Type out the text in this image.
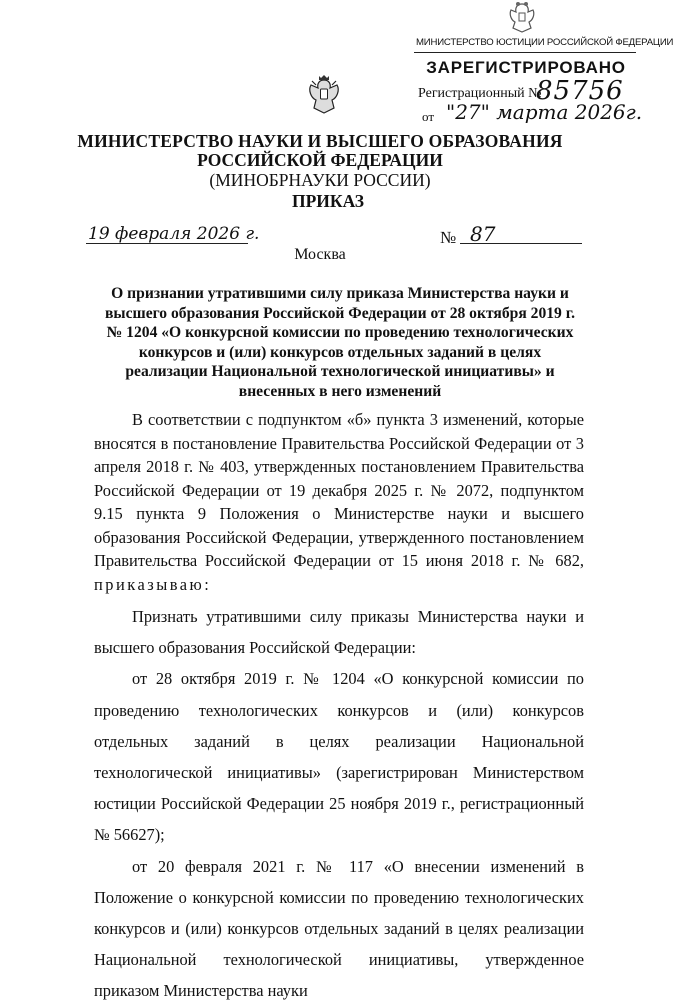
МИНИСТЕРСТВО ЮСТИЦИИ РОССИЙСКОЙ ФЕДЕРАЦИИ
ЗАРЕГИСТРИРОВАНО
Регистрационный №
85756
от "27" марта 2026г.
МИНИСТЕРСТВО НАУКИ И ВЫСШЕГО ОБРАЗОВАНИЯ
РОССИЙСКОЙ ФЕДЕРАЦИИ
(МИНОБРНАУКИ РОССИИ)
ПРИКАЗ
19 февраля 2026 г.	№ 87
Москва
О признании утратившими силу приказа Министерства науки и высшего образования Российской Федерации от 28 октября 2019 г. № 1204 «О конкурсной комиссии по проведению технологических конкурсов и (или) конкурсов отдельных заданий в целях реализации Национальной технологической инициативы» и внесенных в него изменений

В соответствии с подпунктом «б» пункта 3 изменений, которые вносятся в постановление Правительства Российской Федерации от 3 апреля 2018 г. № 403, утвержденных постановлением Правительства Российской Федерации от 19 декабря 2025 г. № 2072, подпунктом 9.15 пункта 9 Положения о Министерстве науки и высшего образования Российской Федерации, утвержденного постановлением Правительства Российской Федерации от 15 июня 2018 г. № 682, приказываю:

Признать утратившими силу приказы Министерства науки и высшего образования Российской Федерации:

от 28 октября 2019 г. № 1204 «О конкурсной комиссии по проведению технологических конкурсов и (или) конкурсов отдельных заданий в целях реализации Национальной технологической инициативы» (зарегистрирован Министерством юстиции Российской Федерации 25 ноября 2019 г., регистрационный № 56627);

от 20 февраля 2021 г. № 117 «О внесении изменений в Положение о конкурсной комиссии по проведению технологических конкурсов и (или) конкурсов отдельных заданий в целях реализации Национальной технологической инициативы, утвержденное приказом Министерства науки
